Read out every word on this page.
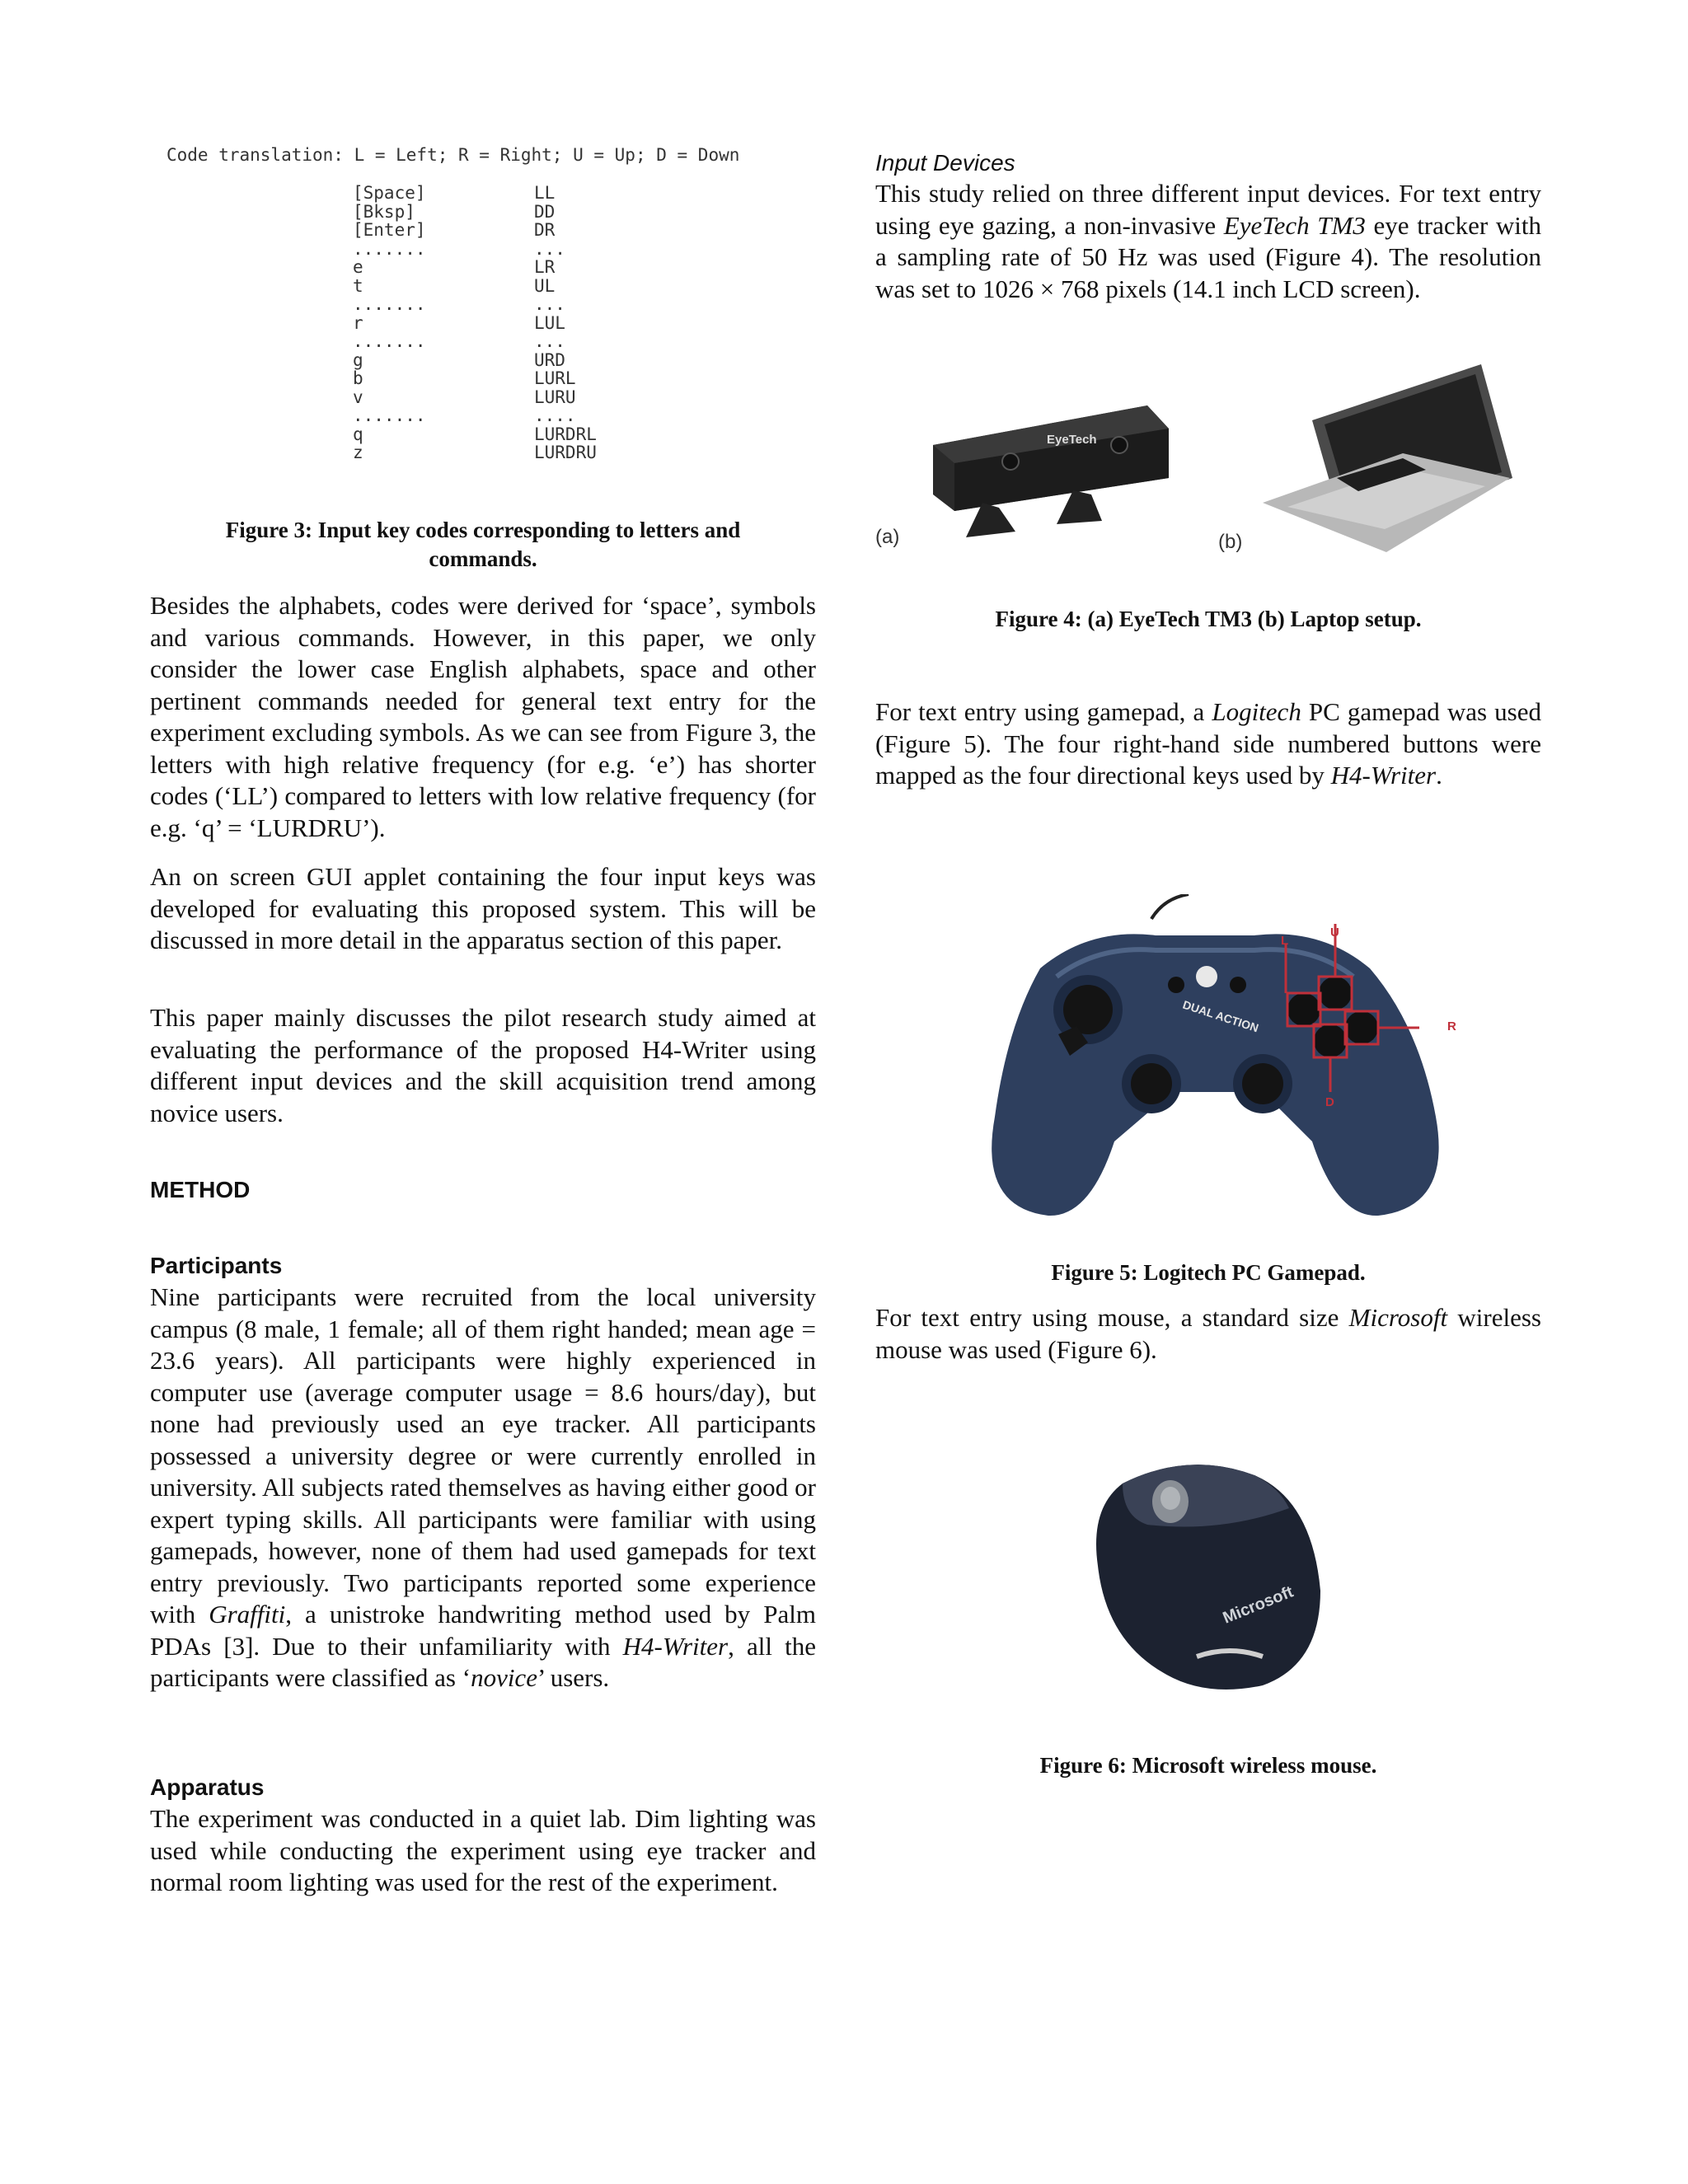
Code translation: L = Left; R = Right; U = Up; D = Down
[Space]	LL
[Bksp]	DD
[Enter]	DR
.......	...
e	LR
t	UL
.......	...
r	LUL
.......	...
g	URD
b	LURL
v	LURU
.......	....
q	LURDRL
z	LURDRU

Figure 3: Input key codes corresponding to letters and

commands.

Besides the alphabets, codes were derived for ‘space’, symbols and various commands. However, in this paper, we only consider the lower case English alphabets, space and other pertinent commands needed for general text entry for the experiment excluding symbols. As we can see from Figure 3, the letters with high relative frequency (for e.g. ‘e’) has shorter codes (‘LL’) compared to letters with low relative frequency (for e.g. ‘q’ = ‘LURDRU’).

An on screen GUI applet containing the four input keys was developed for evaluating this proposed system. This will be discussed in more detail in the apparatus section of this paper.

This paper mainly discusses the pilot research study aimed at evaluating the performance of the proposed H4-Writer using different input devices and the skill acquisition trend among novice users.

METHOD

Participants

Nine participants were recruited from the local university campus (8 male, 1 female; all of them right handed; mean age = 23.6 years). All participants were highly experienced in computer use (average computer usage = 8.6 hours/day), but none had previously used an eye tracker. All participants possessed a university degree or were currently enrolled in university. All subjects rated themselves as having either good or expert typing skills. All participants were familiar with using gamepads, however, none of them had used gamepads for text entry previously. Two participants reported some experience with Graffiti, a unistroke handwriting method used by Palm PDAs [3]. Due to their unfamiliarity with H4-Writer, all the participants were classified as ‘novice’ users.

Apparatus

The experiment was conducted in a quiet lab. Dim lighting was used while conducting the experiment using eye tracker and normal room lighting was used for the rest of the experiment.

Input Devices

This study relied on three different input devices. For text entry using eye gazing, a non-invasive EyeTech TM3 eye tracker with a sampling rate of 50 Hz was used (Figure 4). The resolution was set to 1026 × 768 pixels (14.1 inch LCD screen).

EyeTech
(a)	(b)

Figure 4: (a) EyeTech TM3 (b) Laptop setup.

For text entry using gamepad, a Logitech PC gamepad was used (Figure 5). The four right-hand side numbered buttons were mapped as the four directional keys used by H4-Writer.

DUAL ACTION
L
U
R
D

Figure 5: Logitech PC Gamepad.

For text entry using mouse, a standard size Microsoft wireless mouse was used (Figure 6).

Microsoft

Figure 6: Microsoft wireless mouse.
